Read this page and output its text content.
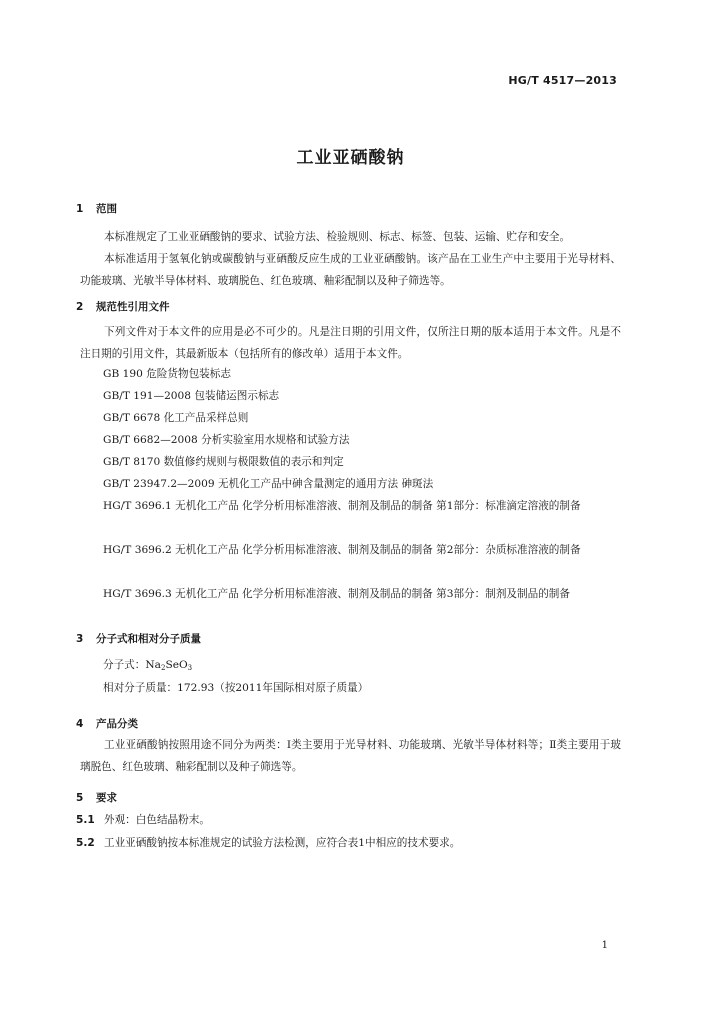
HG/T 4517—2013
工业亚硒酸钠
1 范围
本标准规定了工业亚硒酸钠的要求、试验方法、检验规则、标志、标签、包装、运输、贮存和安全。
本标准适用于氢氧化钠或碳酸钠与亚硒酸反应生成的工业亚硒酸钠。该产品在工业生产中主要用于光导材料、功能玻璃、光敏半导体材料、玻璃脱色、红色玻璃、釉彩配制以及种子筛选等。
2 规范性引用文件
下列文件对于本文件的应用是必不可少的。凡是注日期的引用文件，仅所注日期的版本适用于本文件。凡是不注日期的引用文件，其最新版本（包括所有的修改单）适用于本文件。
GB 190 危险货物包装标志
GB/T 191—2008 包装储运图示标志
GB/T 6678 化工产品采样总则
GB/T 6682—2008 分析实验室用水规格和试验方法
GB/T 8170 数值修约规则与极限数值的表示和判定
GB/T 23947.2—2009 无机化工产品中砷含量测定的通用方法 砷斑法
HG/T 3696.1 无机化工产品 化学分析用标准溶液、制剂及制品的制备 第1部分：标准滴定溶液的制备
HG/T 3696.2 无机化工产品 化学分析用标准溶液、制剂及制品的制备 第2部分：杂质标准溶液的制备
HG/T 3696.3 无机化工产品 化学分析用标准溶液、制剂及制品的制备 第3部分：制剂及制品的制备
3 分子式和相对分子质量
分子式：$Na_2SeO_3$
相对分子质量：172.93（按2011年国际相对原子质量）
4 产品分类
工业亚硒酸钠按照用途不同分为两类：Ⅰ类主要用于光导材料、功能玻璃、光敏半导体材料等；Ⅱ类主要用于玻璃脱色、红色玻璃、釉彩配制以及种子筛选等。
5 要求
5.1 外观：白色结晶粉末。
5.2 工业亚硒酸钠按本标准规定的试验方法检测，应符合表1中相应的技术要求。
1
